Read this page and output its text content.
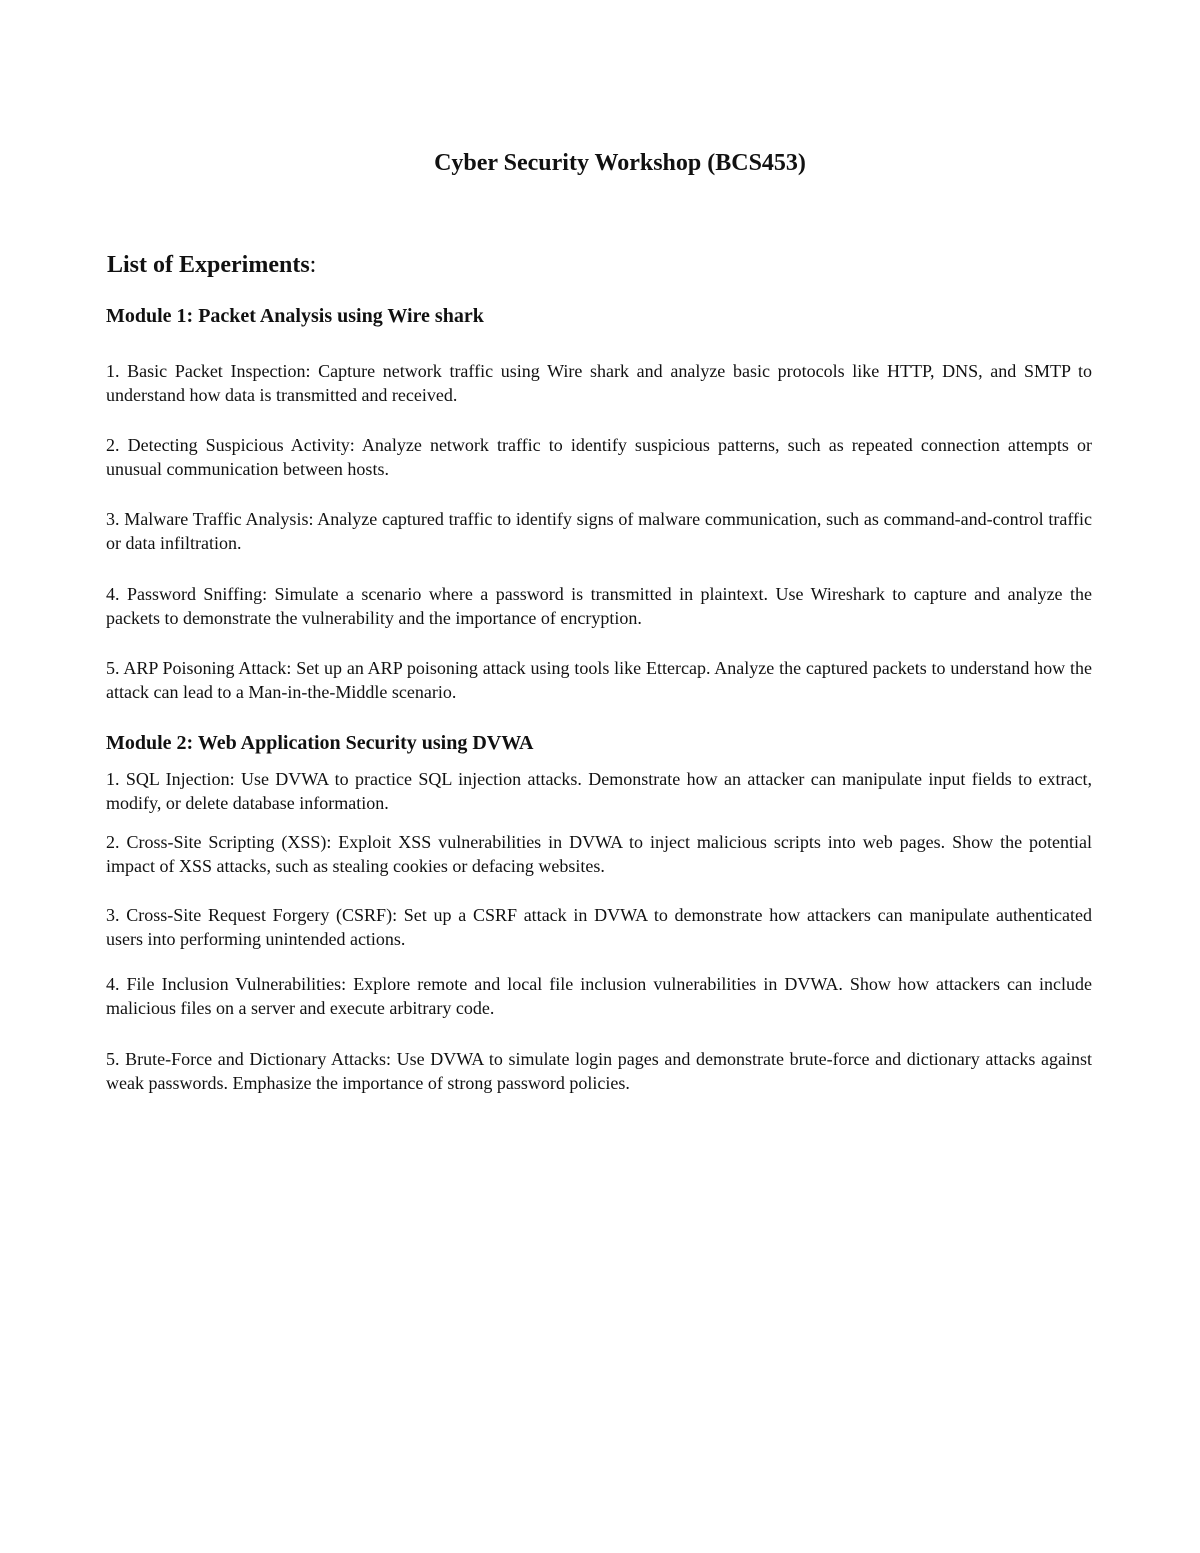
Cyber Security Workshop (BCS453)
List of Experiments:
Module 1: Packet Analysis using Wire shark

1. Basic Packet Inspection: Capture network traffic using Wire shark and analyze basic protocols like HTTP, DNS, and SMTP to understand how data is transmitted and received.

2. Detecting Suspicious Activity: Analyze network traffic to identify suspicious patterns, such as repeated connection attempts or unusual communication between hosts.

3. Malware Traffic Analysis: Analyze captured traffic to identify signs of malware communication, such as command-and-control traffic or data infiltration.

4. Password Sniffing: Simulate a scenario where a password is transmitted in plaintext. Use Wireshark to capture and analyze the packets to demonstrate the vulnerability and the importance of encryption.

5. ARP Poisoning Attack: Set up an ARP poisoning attack using tools like Ettercap. Analyze the captured packets to understand how the attack can lead to a Man-in-the-Middle scenario.

Module 2: Web Application Security using DVWA

1. SQL Injection: Use DVWA to practice SQL injection attacks. Demonstrate how an attacker can manipulate input fields to extract, modify, or delete database information.

2. Cross-Site Scripting (XSS): Exploit XSS vulnerabilities in DVWA to inject malicious scripts into web pages. Show the potential impact of XSS attacks, such as stealing cookies or defacing websites.

3. Cross-Site Request Forgery (CSRF): Set up a CSRF attack in DVWA to demonstrate how attackers can manipulate authenticated users into performing unintended actions.

4. File Inclusion Vulnerabilities: Explore remote and local file inclusion vulnerabilities in DVWA. Show how attackers can include malicious files on a server and execute arbitrary code.

5. Brute-Force and Dictionary Attacks: Use DVWA to simulate login pages and demonstrate brute-force and dictionary attacks against weak passwords. Emphasize the importance of strong password policies.
